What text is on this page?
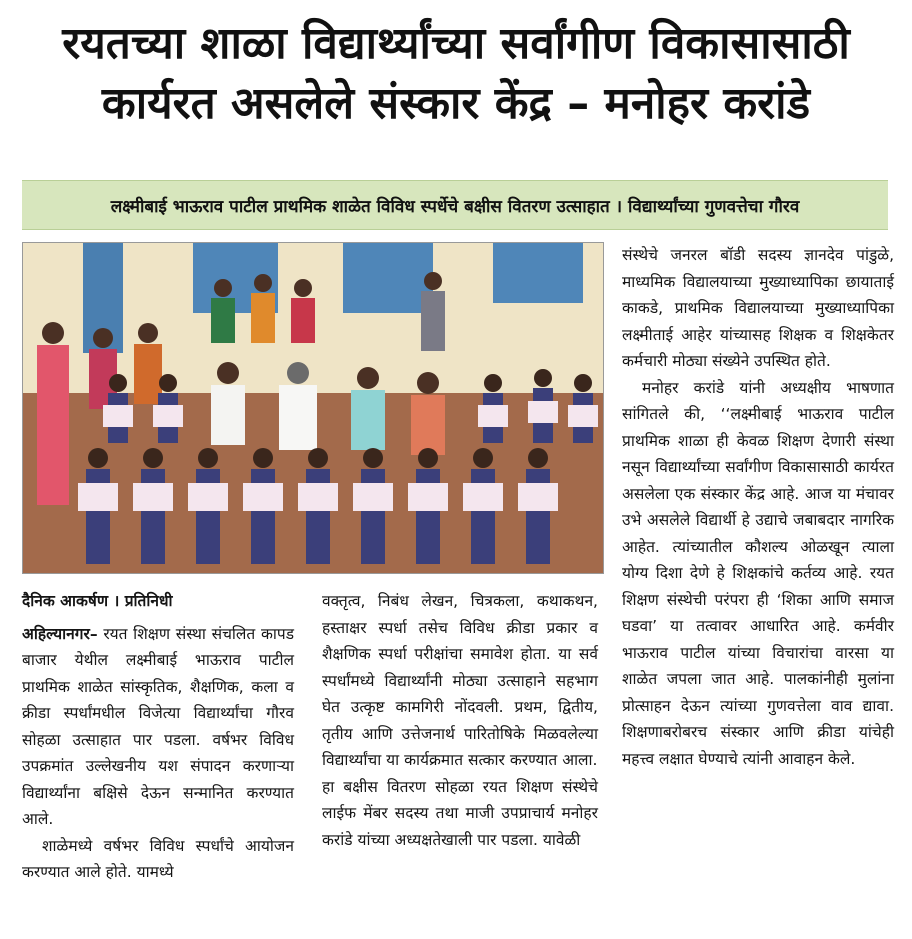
रयतच्या शाळा विद्यार्थ्यांच्या सर्वांगीण विकासासाठी
कार्यरत असलेले संस्कार केंद्र – मनोहर करांडे
लक्ष्मीबाई भाऊराव पाटील प्राथमिक शाळेत विविध स्पर्धेचे बक्षीस वितरण उत्साहात । विद्यार्थ्यांच्या गुणवत्तेचा गौरव

दैनिक आकर्षण । प्रतिनिधी

अहिल्यानगर– रयत शिक्षण संस्था संचलित कापड बाजार येथील लक्ष्मीबाई भाऊराव पाटील प्राथमिक शाळेत सांस्कृतिक, शैक्षणिक, कला व क्रीडा स्पर्धांमधील विजेत्या विद्यार्थ्यांचा गौरव सोहळा उत्साहात पार पडला. वर्षभर विविध उपक्रमांत उल्लेखनीय यश संपादन करणाऱ्या विद्यार्थ्यांना बक्षिसे देऊन सन्मानित करण्यात आले.

शाळेमध्ये वर्षभर विविध स्पर्धांचे आयोजन करण्यात आले होते. यामध्ये

वक्तृत्व, निबंध लेखन, चित्रकला, कथाकथन, हस्ताक्षर स्पर्धा तसेच विविध क्रीडा प्रकार व शैक्षणिक स्पर्धा परीक्षांचा समावेश होता. या सर्व स्पर्धांमध्ये विद्यार्थ्यांनी मोठ्या उत्साहाने सहभाग घेत उत्कृष्ट कामगिरी नोंदवली. प्रथम, द्वितीय, तृतीय आणि उत्तेजनार्थ पारितोषिके मिळवलेल्या विद्यार्थ्यांचा या कार्यक्रमात सत्कार करण्यात आला.

हा बक्षीस वितरण सोहळा रयत शिक्षण संस्थेचे लाईफ मेंबर सदस्य तथा माजी उपप्राचार्य मनोहर करांडे यांच्या अध्यक्षतेखाली पार पडला. यावेळी

संस्थेचे जनरल बॉडी सदस्य ज्ञानदेव पांडुळे, माध्यमिक विद्यालयाच्या मुख्याध्यापिका छायाताई काकडे, प्राथमिक विद्यालयाच्या मुख्याध्यापिका लक्ष्मीताई आहेर यांच्यासह शिक्षक व शिक्षकेतर कर्मचारी मोठ्या संख्येने उपस्थित होते.

मनोहर करांडे यांनी अध्यक्षीय भाषणात सांगितले की, ‘‘लक्ष्मीबाई भाऊराव पाटील प्राथमिक शाळा ही केवळ शिक्षण देणारी संस्था नसून विद्यार्थ्यांच्या सर्वांगीण विकासासाठी कार्यरत असलेला एक संस्कार केंद्र आहे. आज या मंचावर उभे असलेले विद्यार्थी हे उद्याचे जबाबदार नागरिक आहेत. त्यांच्यातील कौशल्य ओळखून त्याला योग्य दिशा देणे हे शिक्षकांचे कर्तव्य आहे. रयत शिक्षण संस्थेची परंपरा ही ‘शिका आणि समाज घडवा’ या तत्वावर आधारित आहे. कर्मवीर भाऊराव पाटील यांच्या विचारांचा वारसा या शाळेत जपला जात आहे. पालकांनीही मुलांना प्रोत्साहन देऊन त्यांच्या गुणवत्तेला वाव द्यावा. शिक्षणाबरोबरच संस्कार आणि क्रीडा यांचेही महत्त्व लक्षात घेण्याचे त्यांनी आवाहन केले.
